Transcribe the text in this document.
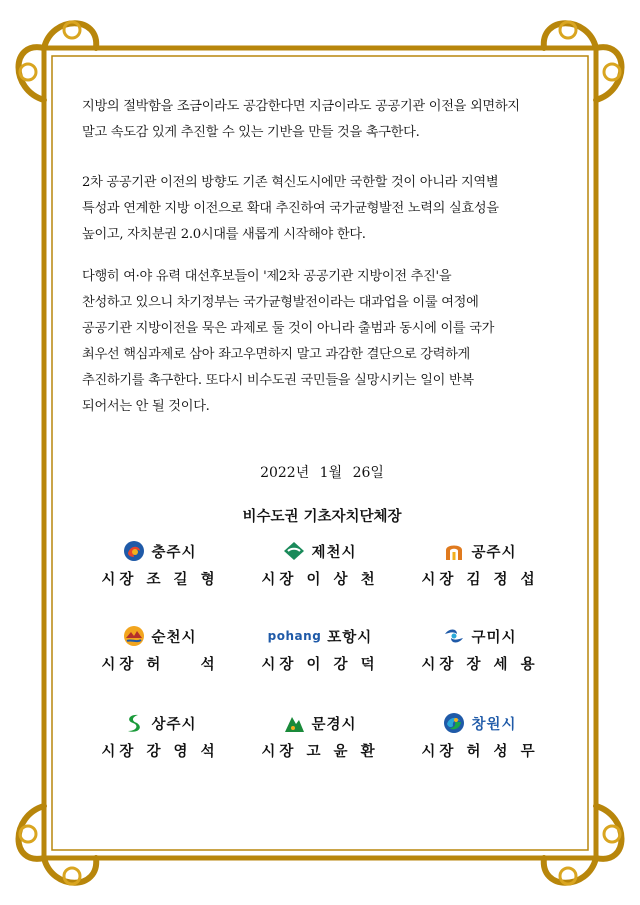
지방의 절박함을 조금이라도 공감한다면 지금이라도 공공기관 이전을 외면하지
말고 속도감 있게 추진할 수 있는 기반을 만들 것을 촉구한다.

2차 공공기관 이전의 방향도 기존 혁신도시에만 국한할 것이 아니라 지역별
특성과 연계한 지방 이전으로 확대 추진하여 국가균형발전 노력의 실효성을
높이고, 자치분권 2.0시대를 새롭게 시작해야 한다.

다행히 여·야 유력 대선후보들이 '제2차 공공기관 지방이전 추진'을
찬성하고 있으니 차기정부는 국가균형발전이라는 대과업을 이룰 여정에
공공기관 지방이전을 묵은 과제로 둘 것이 아니라 출범과 동시에 이를 국가
최우선 핵심과제로 삼아 좌고우면하지 말고 과감한 결단으로 강력하게
추진하기를 촉구한다. 또다시 비수도권 국민들을 실망시키는 일이 반복
되어서는 안 될 것이다.

2022년 1월 26일
비수도권 기초자치단체장
충주시
시장 조 길 형
제천시
시장 이 상 천
공주시
시장 김 정 섭
순천시
시장 허    석
pohang 포항시
시장 이 강 덕
구미시
시장 장 세 용
상주시
시장 강 영 석
문경시
시장 고 윤 환
창원시
시장 허 성 무
